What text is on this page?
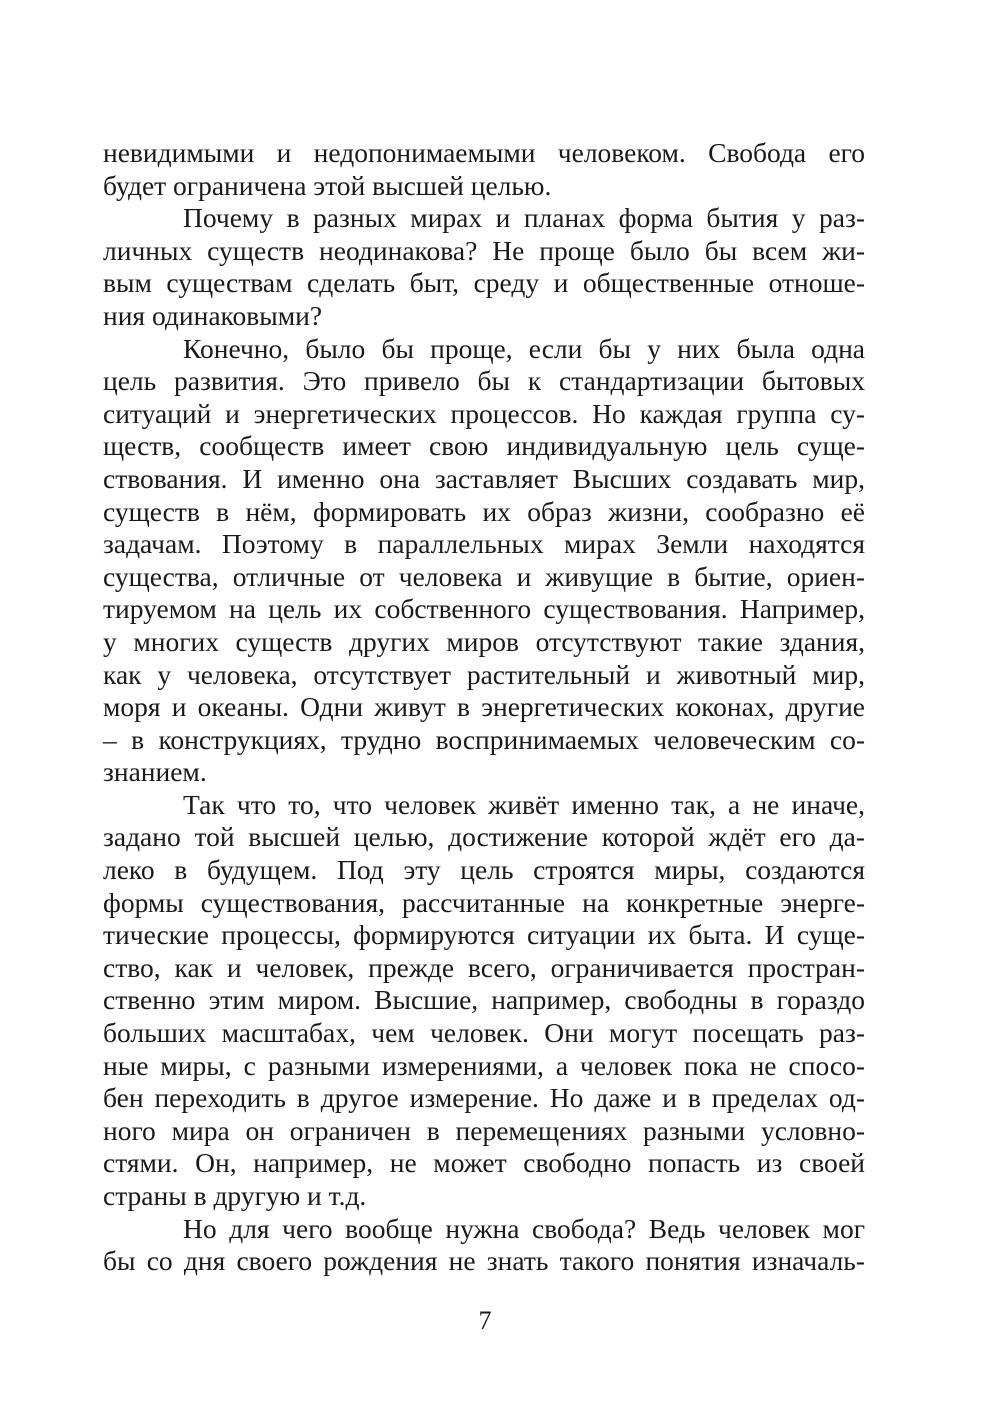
невидимыми и недопонимаемыми человеком. Свобода его
будет ограничена этой высшей целью.
Почему в разных мирах и планах форма бытия у раз-
личных существ неодинакова? Не проще было бы всем жи-
вым существам сделать быт, среду и общественные отноше-
ния одинаковыми?
Конечно, было бы проще, если бы у них была одна
цель развития. Это привело бы к стандартизации бытовых
ситуаций и энергетических процессов. Но каждая группа су-
ществ, сообществ имеет свою индивидуальную цель суще-
ствования. И именно она заставляет Высших создавать мир,
существ в нём, формировать их образ жизни, сообразно её
задачам. Поэтому в параллельных мирах Земли находятся
существа, отличные от человека и живущие в бытие, ориен-
тируемом на цель их собственного существования. Например,
у многих существ других миров отсутствуют такие здания,
как у человека, отсутствует растительный и животный мир,
моря и океаны. Одни живут в энергетических коконах, другие
– в конструкциях, трудно воспринимаемых человеческим со-
знанием.
Так что то, что человек живёт именно так, а не иначе,
задано той высшей целью, достижение которой ждёт его да-
леко в будущем. Под эту цель строятся миры, создаются
формы существования, рассчитанные на конкретные энерге-
тические процессы, формируются ситуации их быта. И суще-
ство, как и человек, прежде всего, ограничивается простран-
ственно этим миром. Высшие, например, свободны в гораздо
больших масштабах, чем человек. Они могут посещать раз-
ные миры, с разными измерениями, а человек пока не спосо-
бен переходить в другое измерение. Но даже и в пределах од-
ного мира он ограничен в перемещениях разными условно-
стями. Он, например, не может свободно попасть из своей
страны в другую и т.д.
Но для чего вообще нужна свобода? Ведь человек мог
бы со дня своего рождения не знать такого понятия изначаль-
7
